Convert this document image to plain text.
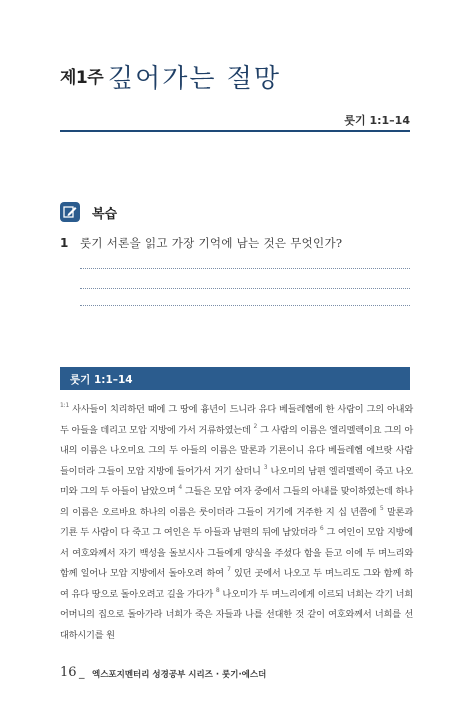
제1주 깊어가는 절망
룻기 1:1–14
복습
1 룻기 서론을 읽고 가장 기억에 남는 것은 무엇인가?
룻기 1:1–14
$^{1:1}$ 사사들이 치리하던 때에 그 땅에 흉년이 드니라 유다 베들레헴에 한 사람이 그의 아내와 두 아들을 데리고 모압 지방에 가서 거류하였는데 $^2$ 그 사람의 이름은 엘리멜렉이요 그의 아내의 이름은 나오미요 그의 두 아들의 이름은 말론과 기룐이니 유다 베들레헴 에브랏 사람들이더라 그들이 모압 지방에 들어가서 거기 살더니 $^3$ 나오미의 남편 엘리멜렉이 죽고 나오미와 그의 두 아들이 남았으며 $^4$ 그들은 모압 여자 중에서 그들의 아내를 맞이하였는데 하나의 이름은 오르바요 하나의 이름은 룻이더라 그들이 거기에 거주한 지 십 년쯤에 $^5$ 말론과 기룐 두 사람이 다 죽고 그 여인은 두 아들과 남편의 뒤에 남았더라 $^6$ 그 여인이 모압 지방에서 여호와께서 자기 백성을 돌보시사 그들에게 양식을 주셨다 함을 듣고 이에 두 며느리와 함께 일어나 모압 지방에서 돌아오려 하여 $^7$ 있던 곳에서 나오고 두 며느리도 그와 함께 하여 유다 땅으로 돌아오려고 길을 가다가 $^8$ 나오미가 두 며느리에게 이르되 너희는 각기 너희 어머니의 집으로 돌아가라 너희가 죽은 자들과 나를 선대한 것 같이 여호와께서 너희를 선대하시기를 원
16 _ 엑스포지멘터리 성경공부 시리즈 · 룻기·에스더
